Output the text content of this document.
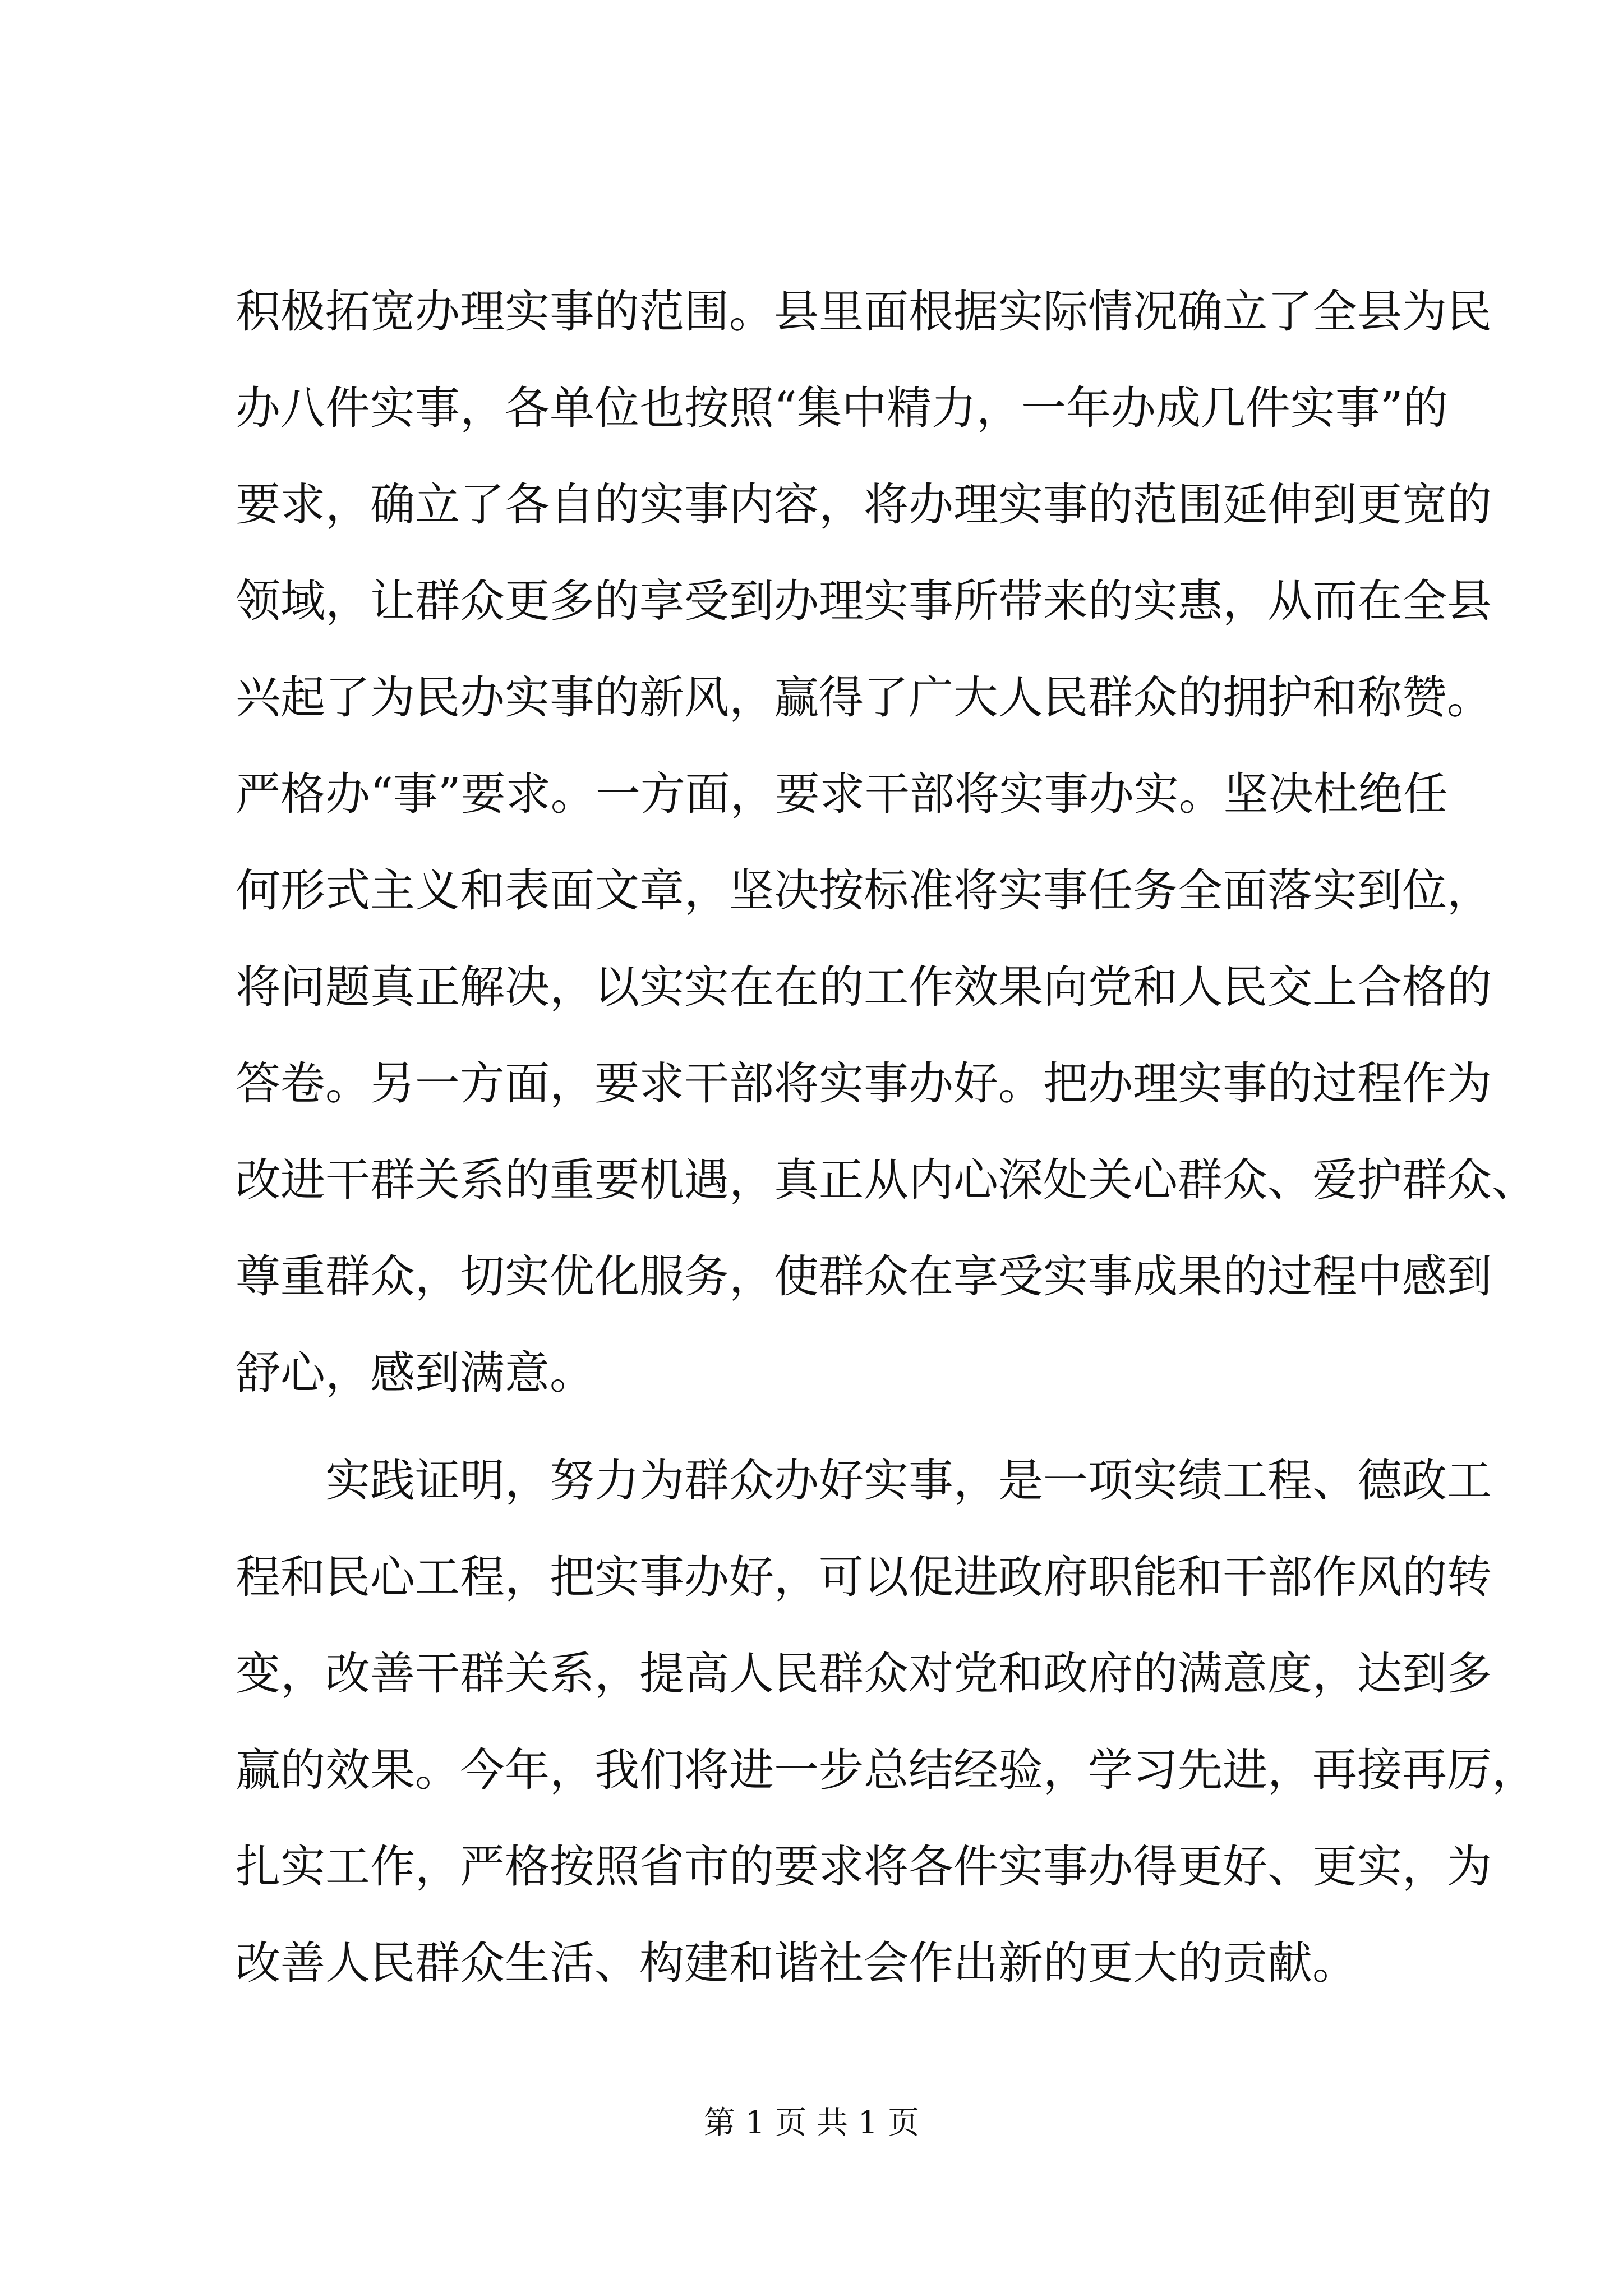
积极拓宽办理实事的范围。县里面根据实际情况确立了全县为民
办八件实事，各单位也按照“集中精力，一年办成几件实事”的
要求，确立了各自的实事内容，将办理实事的范围延伸到更宽的
领域，让群众更多的享受到办理实事所带来的实惠，从而在全县
兴起了为民办实事的新风，赢得了广大人民群众的拥护和称赞。
严格办“事”要求。一方面，要求干部将实事办实。坚决杜绝任
何形式主义和表面文章，坚决按标准将实事任务全面落实到位，
将问题真正解决，以实实在在的工作效果向党和人民交上合格的
答卷。另一方面，要求干部将实事办好。把办理实事的过程作为
改进干群关系的重要机遇，真正从内心深处关心群众、爱护群众、
尊重群众，切实优化服务，使群众在享受实事成果的过程中感到
舒心，感到满意。
实践证明，努力为群众办好实事，是一项实绩工程、德政工
程和民心工程，把实事办好，可以促进政府职能和干部作风的转
变，改善干群关系，提高人民群众对党和政府的满意度，达到多
赢的效果。今年，我们将进一步总结经验，学习先进，再接再厉，
扎实工作，严格按照省市的要求将各件实事办得更好、更实，为
改善人民群众生活、构建和谐社会作出新的更大的贡献。
第 1 页 共 1 页
